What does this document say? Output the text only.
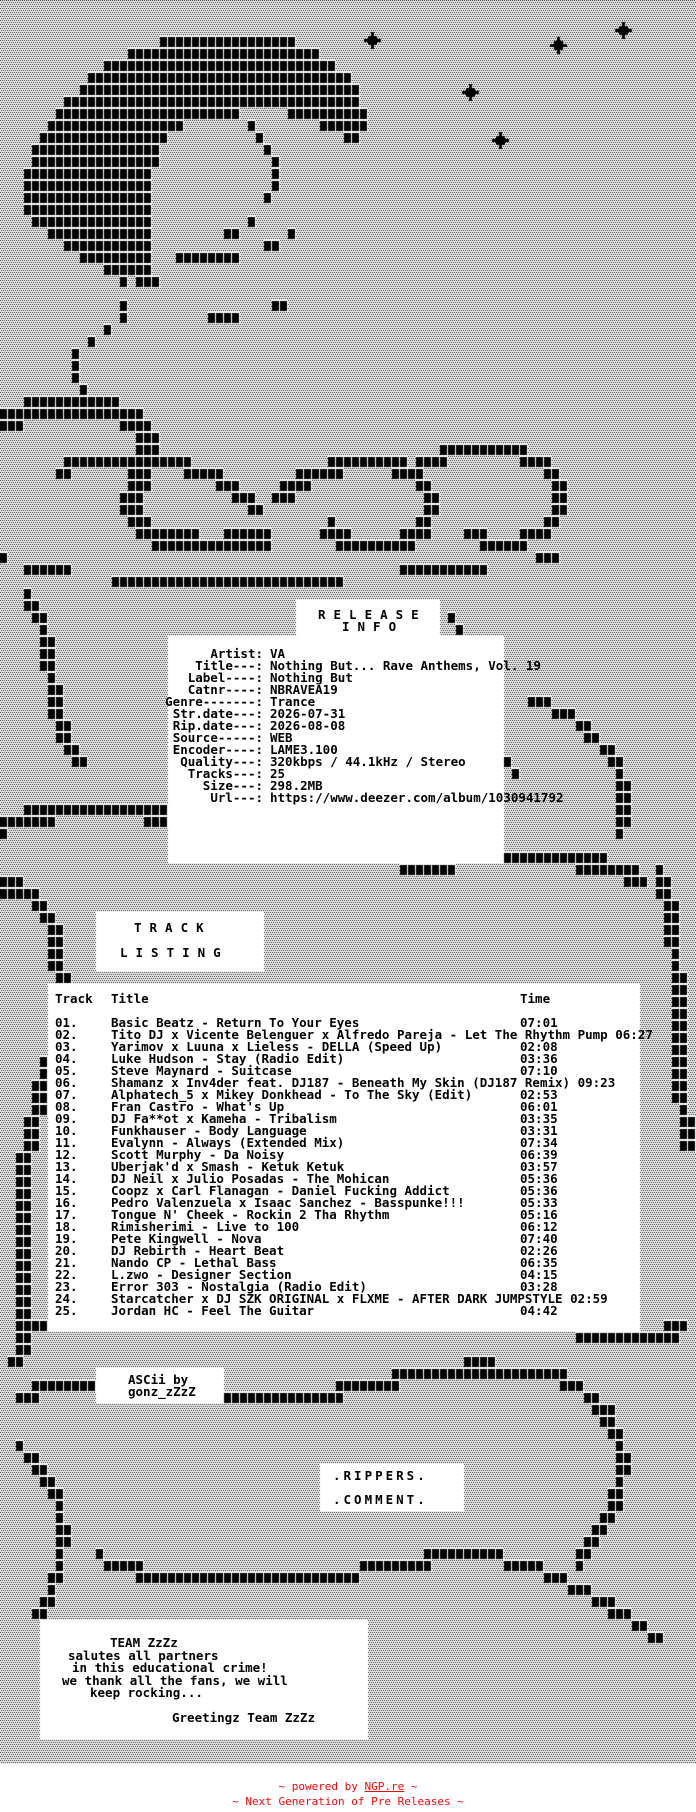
RELEASE
INFO
Artist: VA
Title---: Nothing But... Rave Anthems, Vol. 19
Label----: Nothing But
Catnr----: NBRAVEA19
Genre-------: Trance
Str.date---: 2026-07-31
Rip.date---: 2026-08-08
Source-----: WEB
Encoder----: LAME3.100
Quality---: 320kbps / 44.1kHz / Stereo
Tracks---: 25
Size---: 298.2MB
Url---: https://www.deezer.com/album/1030941792
TRACK
LISTING
Track Title	Time
01.	Basic Beatz - Return To Your Eyes	07:01
02.	Tito DJ x Vicente Belenguer x Alfredo Pareja - Let The Rhythm Pump 06:27
03.	Yarimov x Luuna x Lieless - DELLA (Speed Up)	02:08
04.	Luke Hudson - Stay (Radio Edit)	03:36
05.	Steve Maynard - Suitcase	07:10
06.	Shamanz x Inv4der feat. DJ187 - Beneath My Skin (DJ187 Remix) 09:23
07.	Alphatech_5 x Mikey Donkhead - To The Sky (Edit)	02:53
08.	Fran Castro - What's Up	06:01
09.	DJ Fa**ot x Kameha - Tribalism	03:35
10.	Funkhauser - Body Language	03:31
11.	Evalynn - Always (Extended Mix)	07:34
12.	Scott Murphy - Da Noisy	06:39
13.	Uberjak'd x Smash - Ketuk Ketuk	03:57
14.	DJ Neil x Julio Posadas - The Mohican	05:36
15.	Coopz x Carl Flanagan - Daniel Fucking Addict	05:36
16.	Pedro Valenzuela x Isaac Sanchez - Basspunke!!!	05:33
17.	Tongue N' Cheek - Rockin 2 Tha Rhythm	05:16
18.	Rimisherimi - Live to 100	06:12
19.	Pete Kingwell - Nova	07:40
20.	DJ Rebirth - Heart Beat	02:26
21.	Nando CP - Lethal Bass	06:35
22.	L.zwo - Designer Section	04:15
23.	Error 303 - Nostalgia (Radio Edit)	03:28
24.	Starcatcher x DJ SZK ORIGINAL x FLXME - AFTER DARK JUMPSTYLE 02:59
25.	Jordan HC - Feel The Guitar	04:42
ASCii by
gonz_zZzZ
.RIPPERS.
.COMMENT.
TEAM ZzZz
salutes all partners
in this educational crime!
we thank all the fans, we will
keep rocking...
Greetingz Team ZzZz
~ powered by NGP.re ~
~ Next Generation of Pre Releases ~
